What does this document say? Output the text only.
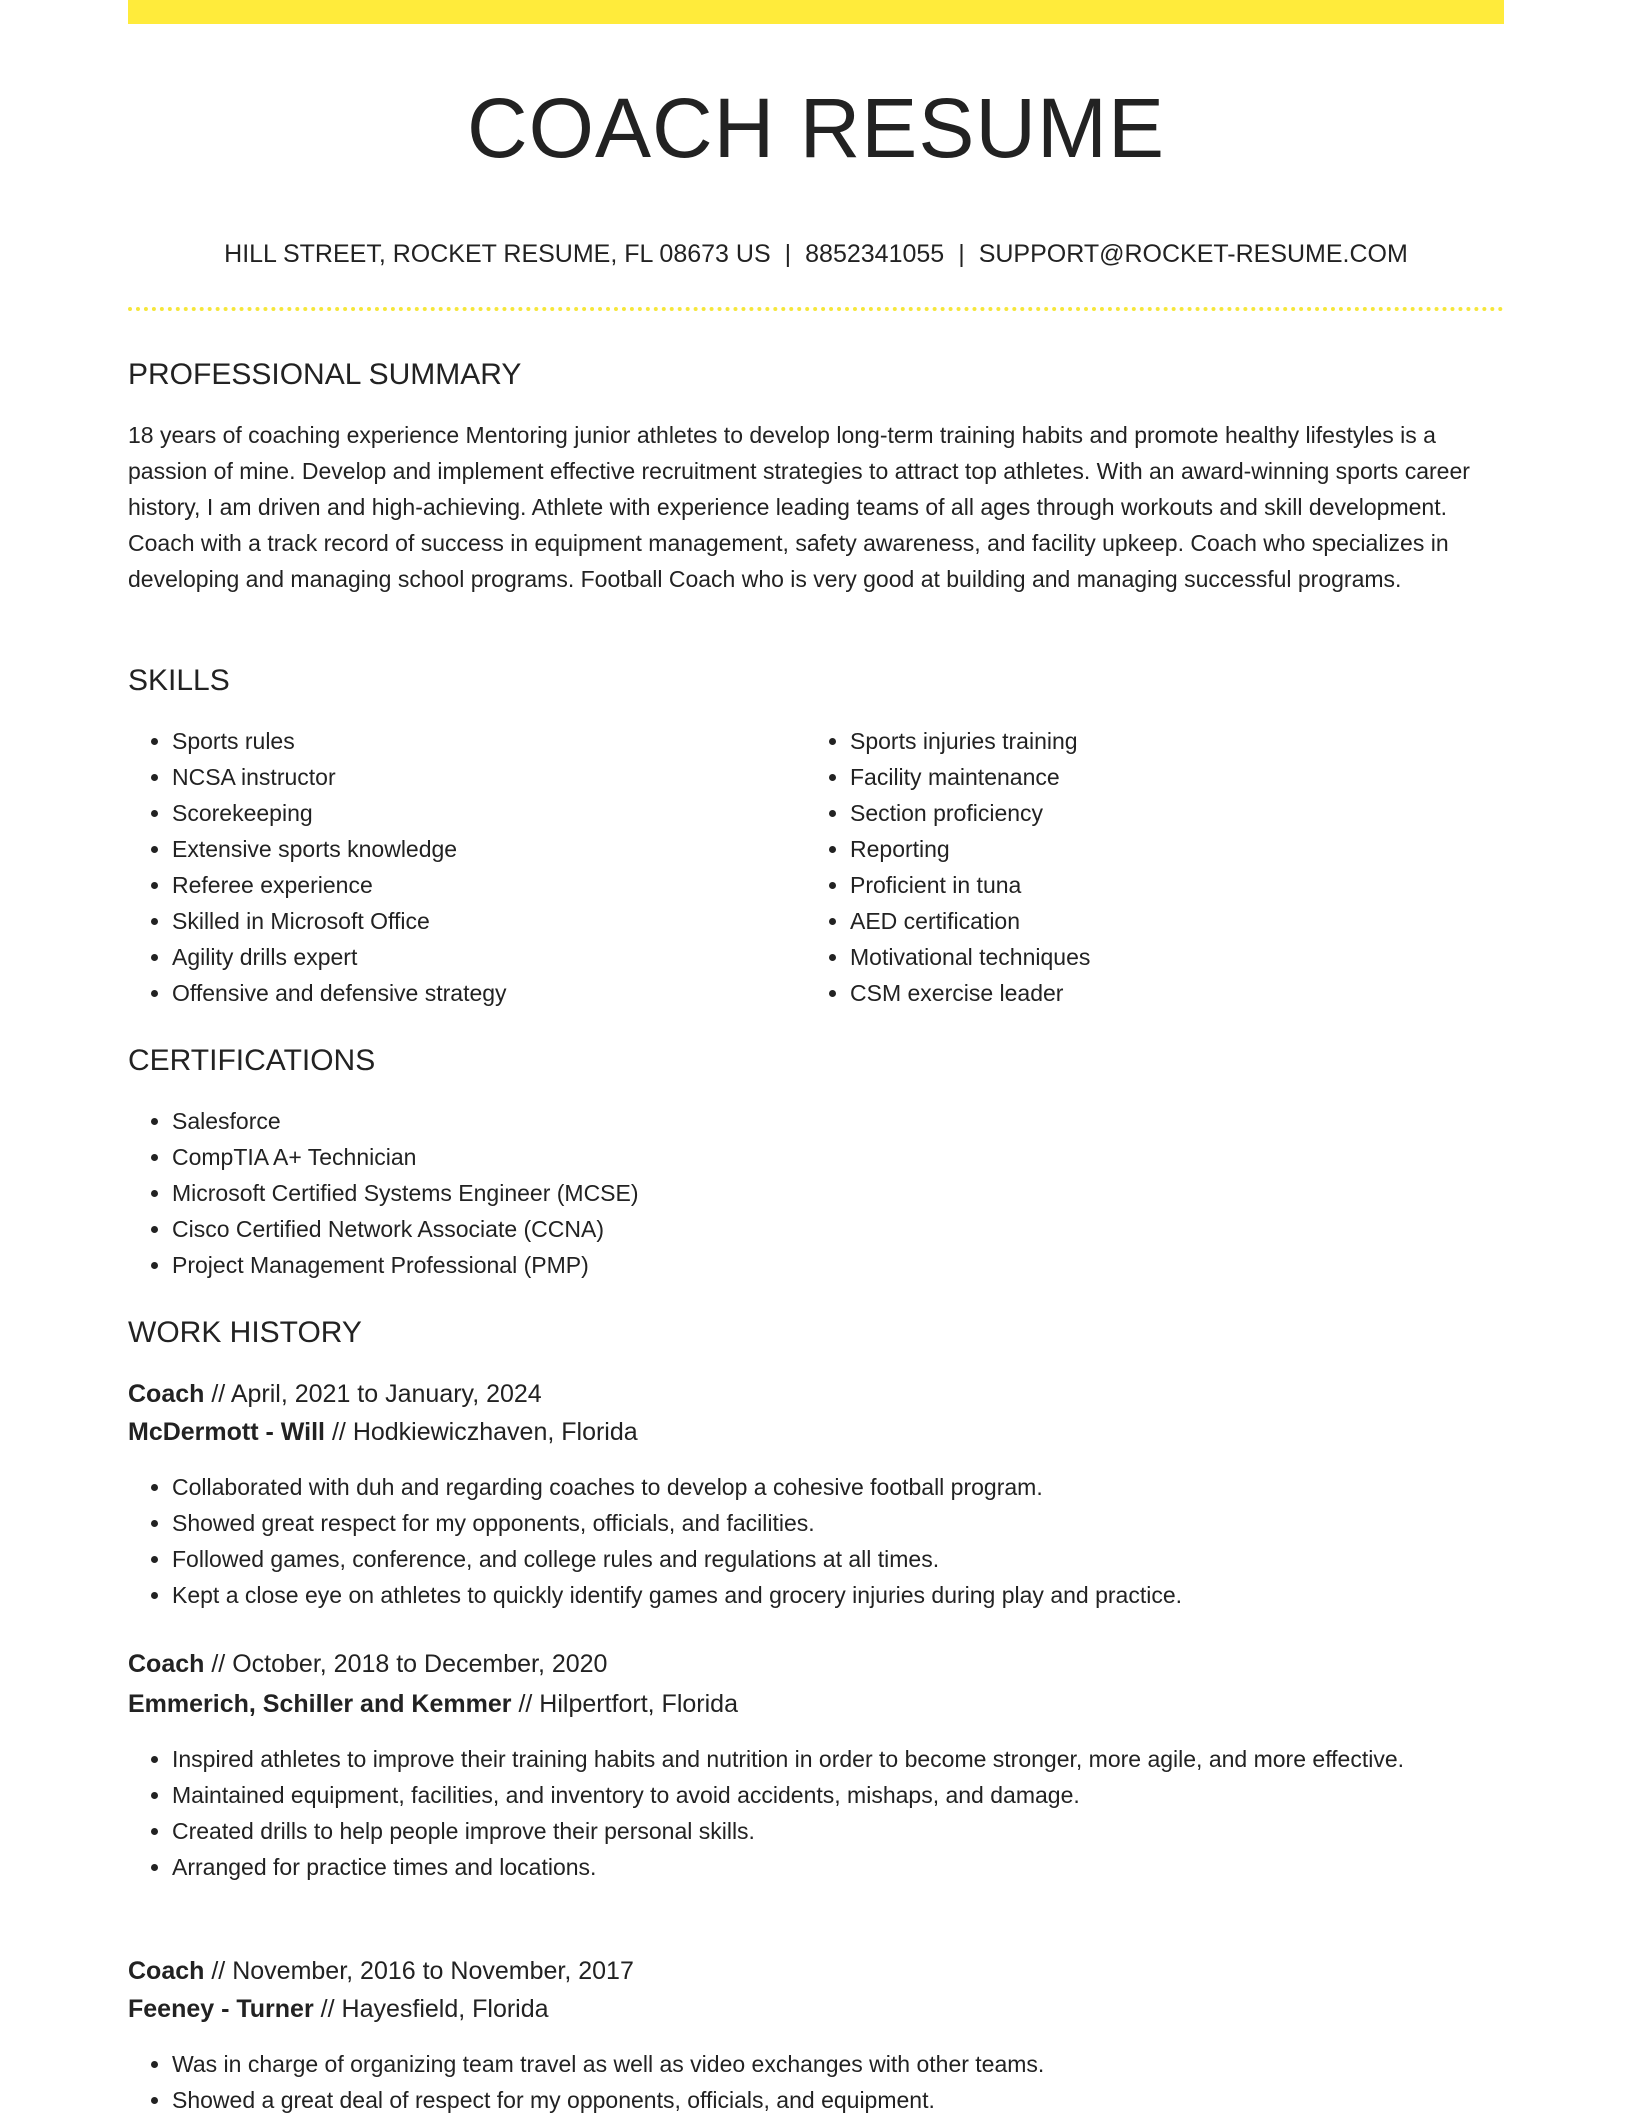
COACH RESUME
HILL STREET, ROCKET RESUME, FL 08673 US | 8852341055 | SUPPORT@ROCKET-RESUME.COM
PROFESSIONAL SUMMARY

18 years of coaching experience Mentoring junior athletes to develop long-term training habits and promote healthy lifestyles is a passion of mine. Develop and implement effective recruitment strategies to attract top athletes. With an award-winning sports career history, I am driven and high-achieving. Athlete with experience leading teams of all ages through workouts and skill development. Coach with a track record of success in equipment management, safety awareness, and facility upkeep. Coach who specializes in developing and managing school programs. Football Coach who is very good at building and managing successful programs.

SKILLS
• Sports rules
• NCSA instructor
• Scorekeeping
• Extensive sports knowledge
• Referee experience
• Skilled in Microsoft Office
• Agility drills expert
• Offensive and defensive strategy
• Sports injuries training
• Facility maintenance
• Section proficiency
• Reporting
• Proficient in tuna
• AED certification
• Motivational techniques
• CSM exercise leader
CERTIFICATIONS
• Salesforce
• CompTIA A+ Technician
• Microsoft Certified Systems Engineer (MCSE)
• Cisco Certified Network Associate (CCNA)
• Project Management Professional (PMP)
WORK HISTORY
Coach // April, 2021 to January, 2024
McDermott - Will // Hodkiewiczhaven, Florida
• Collaborated with duh and regarding coaches to develop a cohesive football program.
• Showed great respect for my opponents, officials, and facilities.
• Followed games, conference, and college rules and regulations at all times.
• Kept a close eye on athletes to quickly identify games and grocery injuries during play and practice.
Coach // October, 2018 to December, 2020
Emmerich, Schiller and Kemmer // Hilpertfort, Florida
• Inspired athletes to improve their training habits and nutrition in order to become stronger, more agile, and more effective.
• Maintained equipment, facilities, and inventory to avoid accidents, mishaps, and damage.
• Created drills to help people improve their personal skills.
• Arranged for practice times and locations.
Coach // November, 2016 to November, 2017
Feeney - Turner // Hayesfield, Florida
• Was in charge of organizing team travel as well as video exchanges with other teams.
• Showed a great deal of respect for my opponents, officials, and equipment.
